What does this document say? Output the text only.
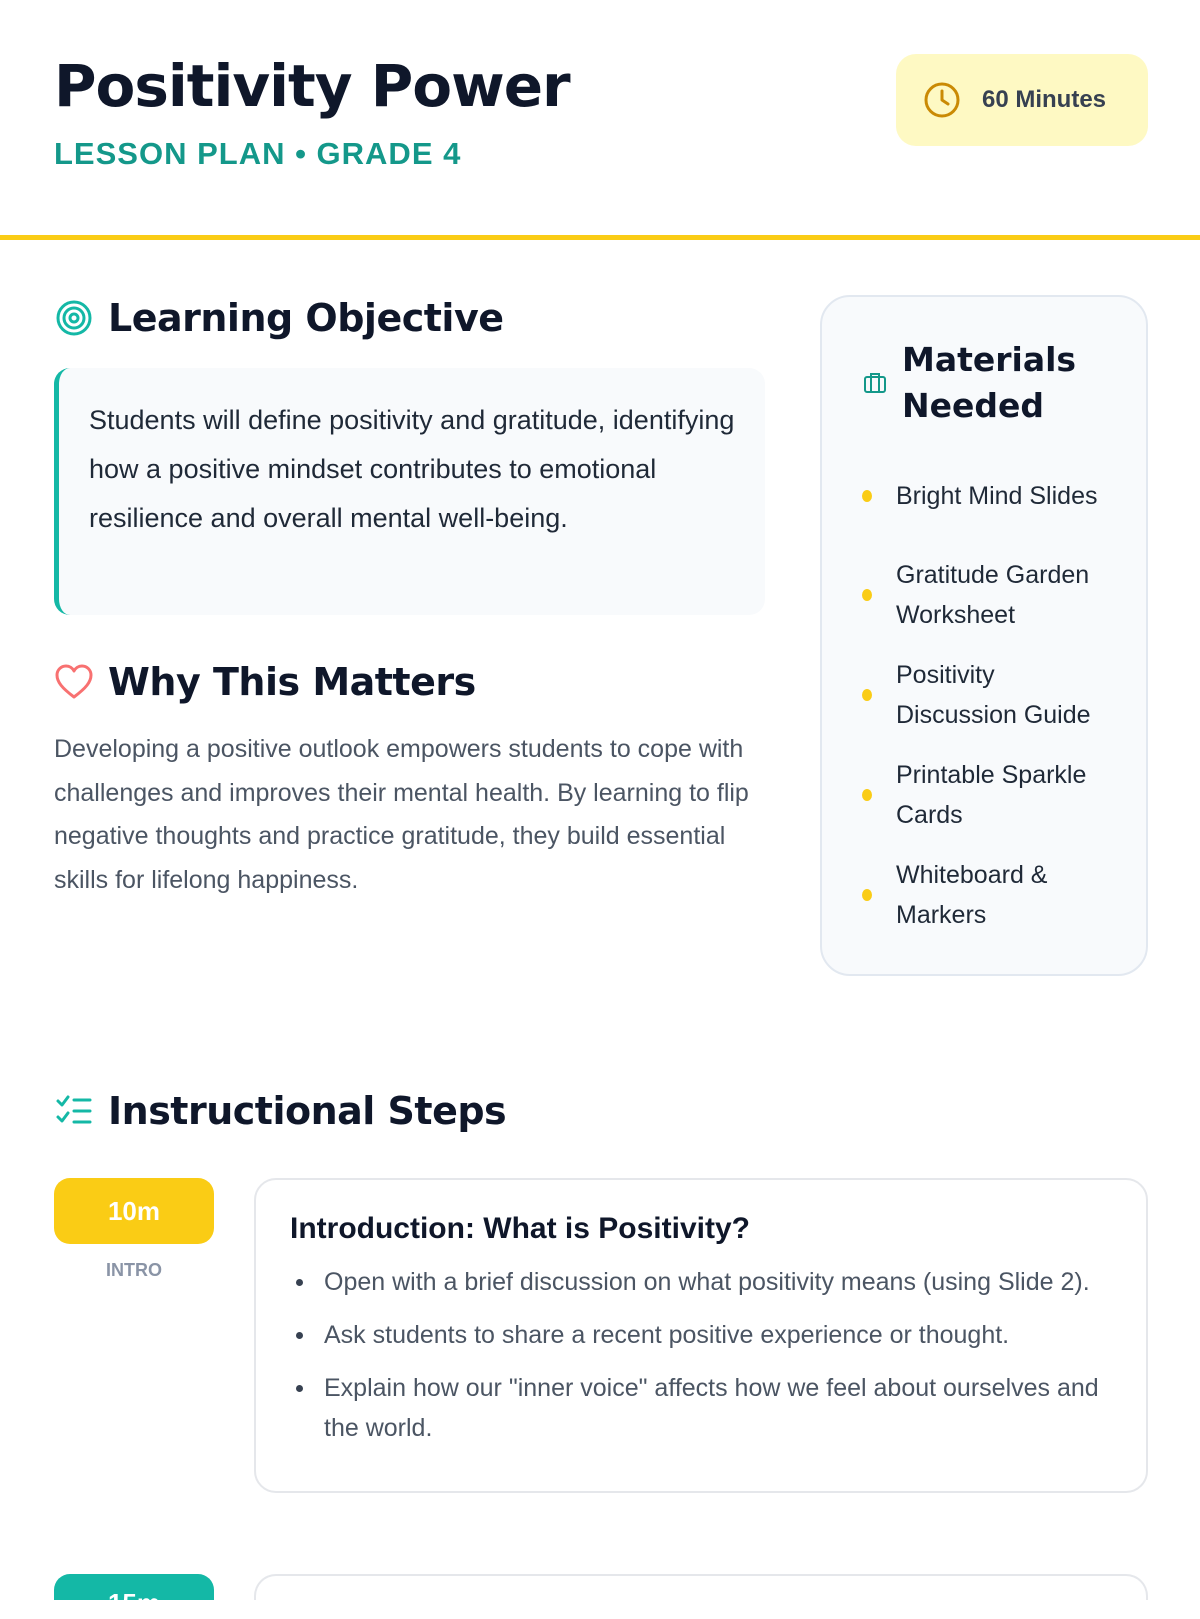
Positivity Power
LESSON PLAN • GRADE 4
60 Minutes
Learning Objective
Students will define positivity and gratitude, identifying how a positive mindset contributes to emotional resilience and overall mental well-being.
Why This Matters
Developing a positive outlook empowers students to cope with challenges and improves their mental health. By learning to flip negative thoughts and practice gratitude, they build essential skills for lifelong happiness.
Materials Needed
Bright Mind Slides
Gratitude Garden Worksheet
Positivity Discussion Guide
Printable Sparkle Cards
Whiteboard & Markers
Instructional Steps
10m
INTRO
Introduction: What is Positivity?
Open with a brief discussion on what positivity means (using Slide 2).
Ask students to share a recent positive experience or thought.
Explain how our "inner voice" affects how we feel about ourselves and the world.
15m
